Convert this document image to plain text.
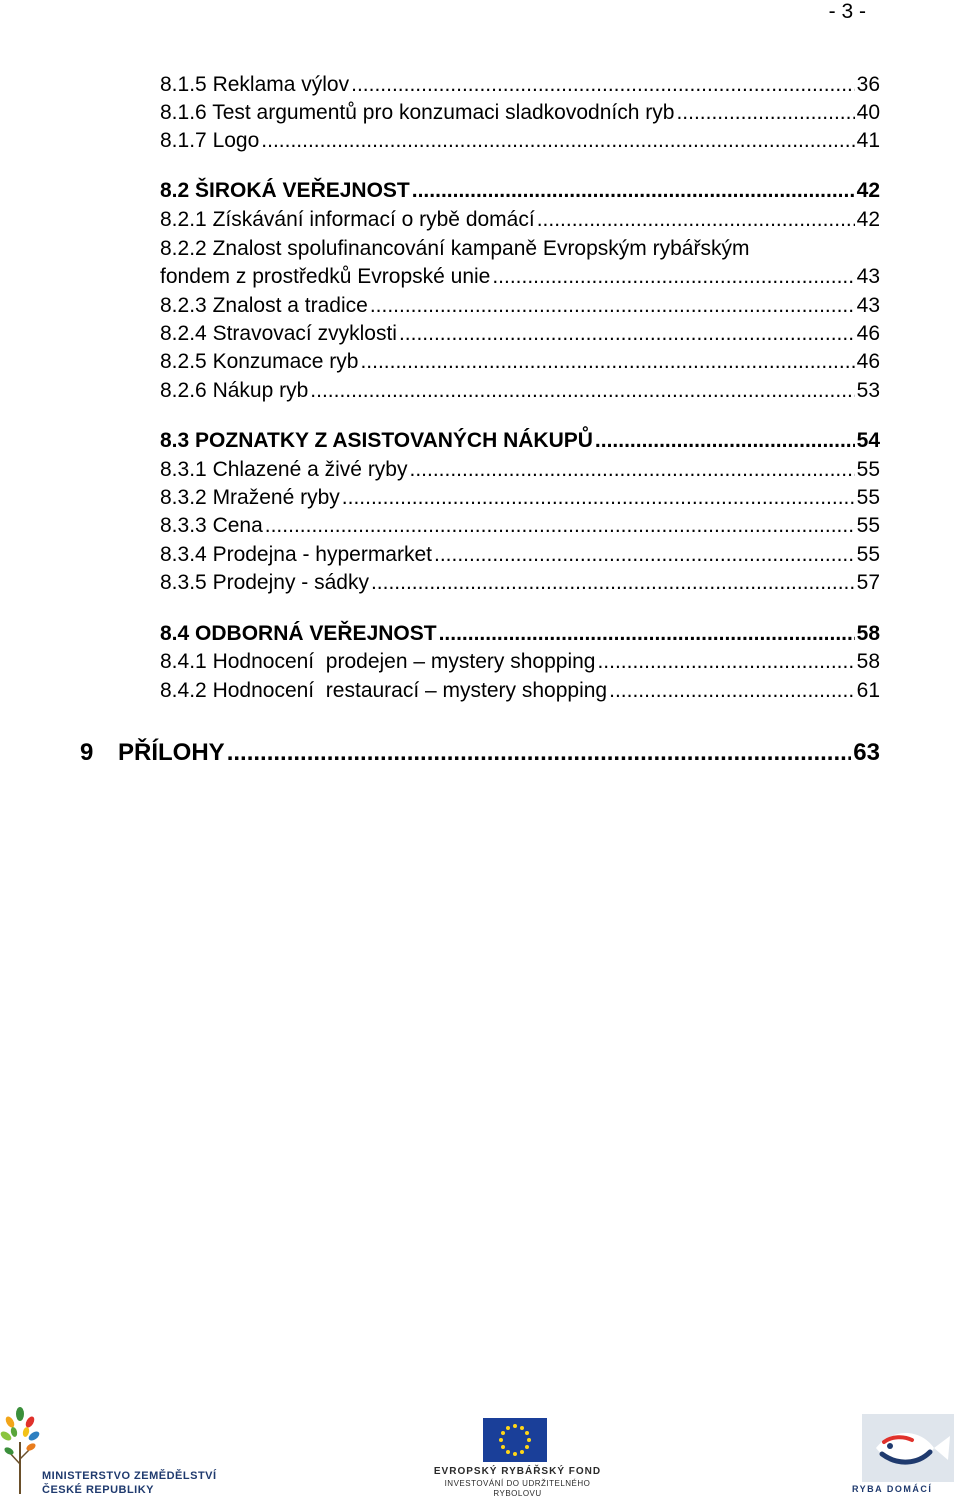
- 3 -
8.1.5 Reklama výlov .....	36
8.1.6 Test argumentů pro konzumaci sladkovodních ryb .....	40
8.1.7 Logo .....	41
8.2 ŠIROKÁ VEŘEJNOST .....	42
8.2.1 Získávání informací o rybě domácí .....	42
8.2.2 Znalost spolufinancování kampaně Evropským rybářským
fondem z prostředků Evropské unie .....	43
8.2.3 Znalost a tradice .....	43
8.2.4 Stravovací zvyklosti .....	46
8.2.5 Konzumace ryb .....	46
8.2.6 Nákup ryb .....	53
8.3 POZNATKY Z ASISTOVANÝCH NÁKUPŮ .....	54
8.3.1 Chlazené a živé ryby .....	55
8.3.2 Mražené ryby .....	55
8.3.3 Cena .....	55
8.3.4 Prodejna - hypermarket .....	55
8.3.5 Prodejny - sádky .....	57
8.4 ODBORNÁ VEŘEJNOST .....	58
8.4.1 Hodnocení  prodejen – mystery shopping .....	58
8.4.2 Hodnocení  restaurací – mystery shopping .....	61
9 PŘÍLOHY .....	63
MINISTERSTVO ZEMĚDĚLSTVÍ
ČESKÉ REPUBLIKY
EVROPSKÝ RYBÁŘSKÝ FOND
INVESTOVÁNÍ DO UDRŽITELNÉHO
RYBOLOVU	RYBA DOMÁCÍ
